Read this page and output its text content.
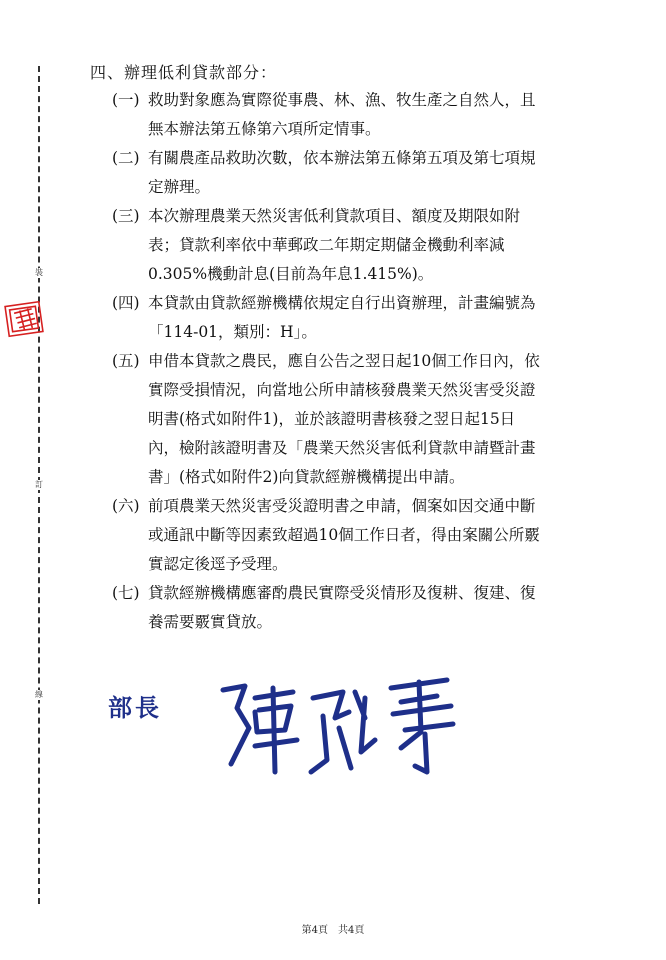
裝
訂
線
四、辦理低利貸款部分：
(一) 救助對象應為實際從事農、林、漁、牧生產之自然人，且
無本辦法第五條第六項所定情事。
(二) 有關農產品救助次數，依本辦法第五條第五項及第七項規
定辦理。
(三) 本次辦理農業天然災害低利貸款項目、額度及期限如附
表；貸款利率依中華郵政二年期定期儲金機動利率減
0.305%機動計息(目前為年息1.415%)。
(四) 本貸款由貸款經辦機構依規定自行出資辦理，計畫編號為
「114-01，類別：H」。
(五) 申借本貸款之農民，應自公告之翌日起10個工作日內，依
實際受損情況，向當地公所申請核發農業天然災害受災證
明書(格式如附件1)，並於該證明書核發之翌日起15日
內，檢附該證明書及「農業天然災害低利貸款申請暨計畫
書」(格式如附件2)向貸款經辦機構提出申請。
(六) 前項農業天然災害受災證明書之申請，個案如因交通中斷
或通訊中斷等因素致超過10個工作日者，得由案關公所覈
實認定後逕予受理。
(七) 貸款經辦機構應審酌農民實際受災情形及復耕、復建、復
養需要覈實貸放。
部長
第4頁　共4頁
